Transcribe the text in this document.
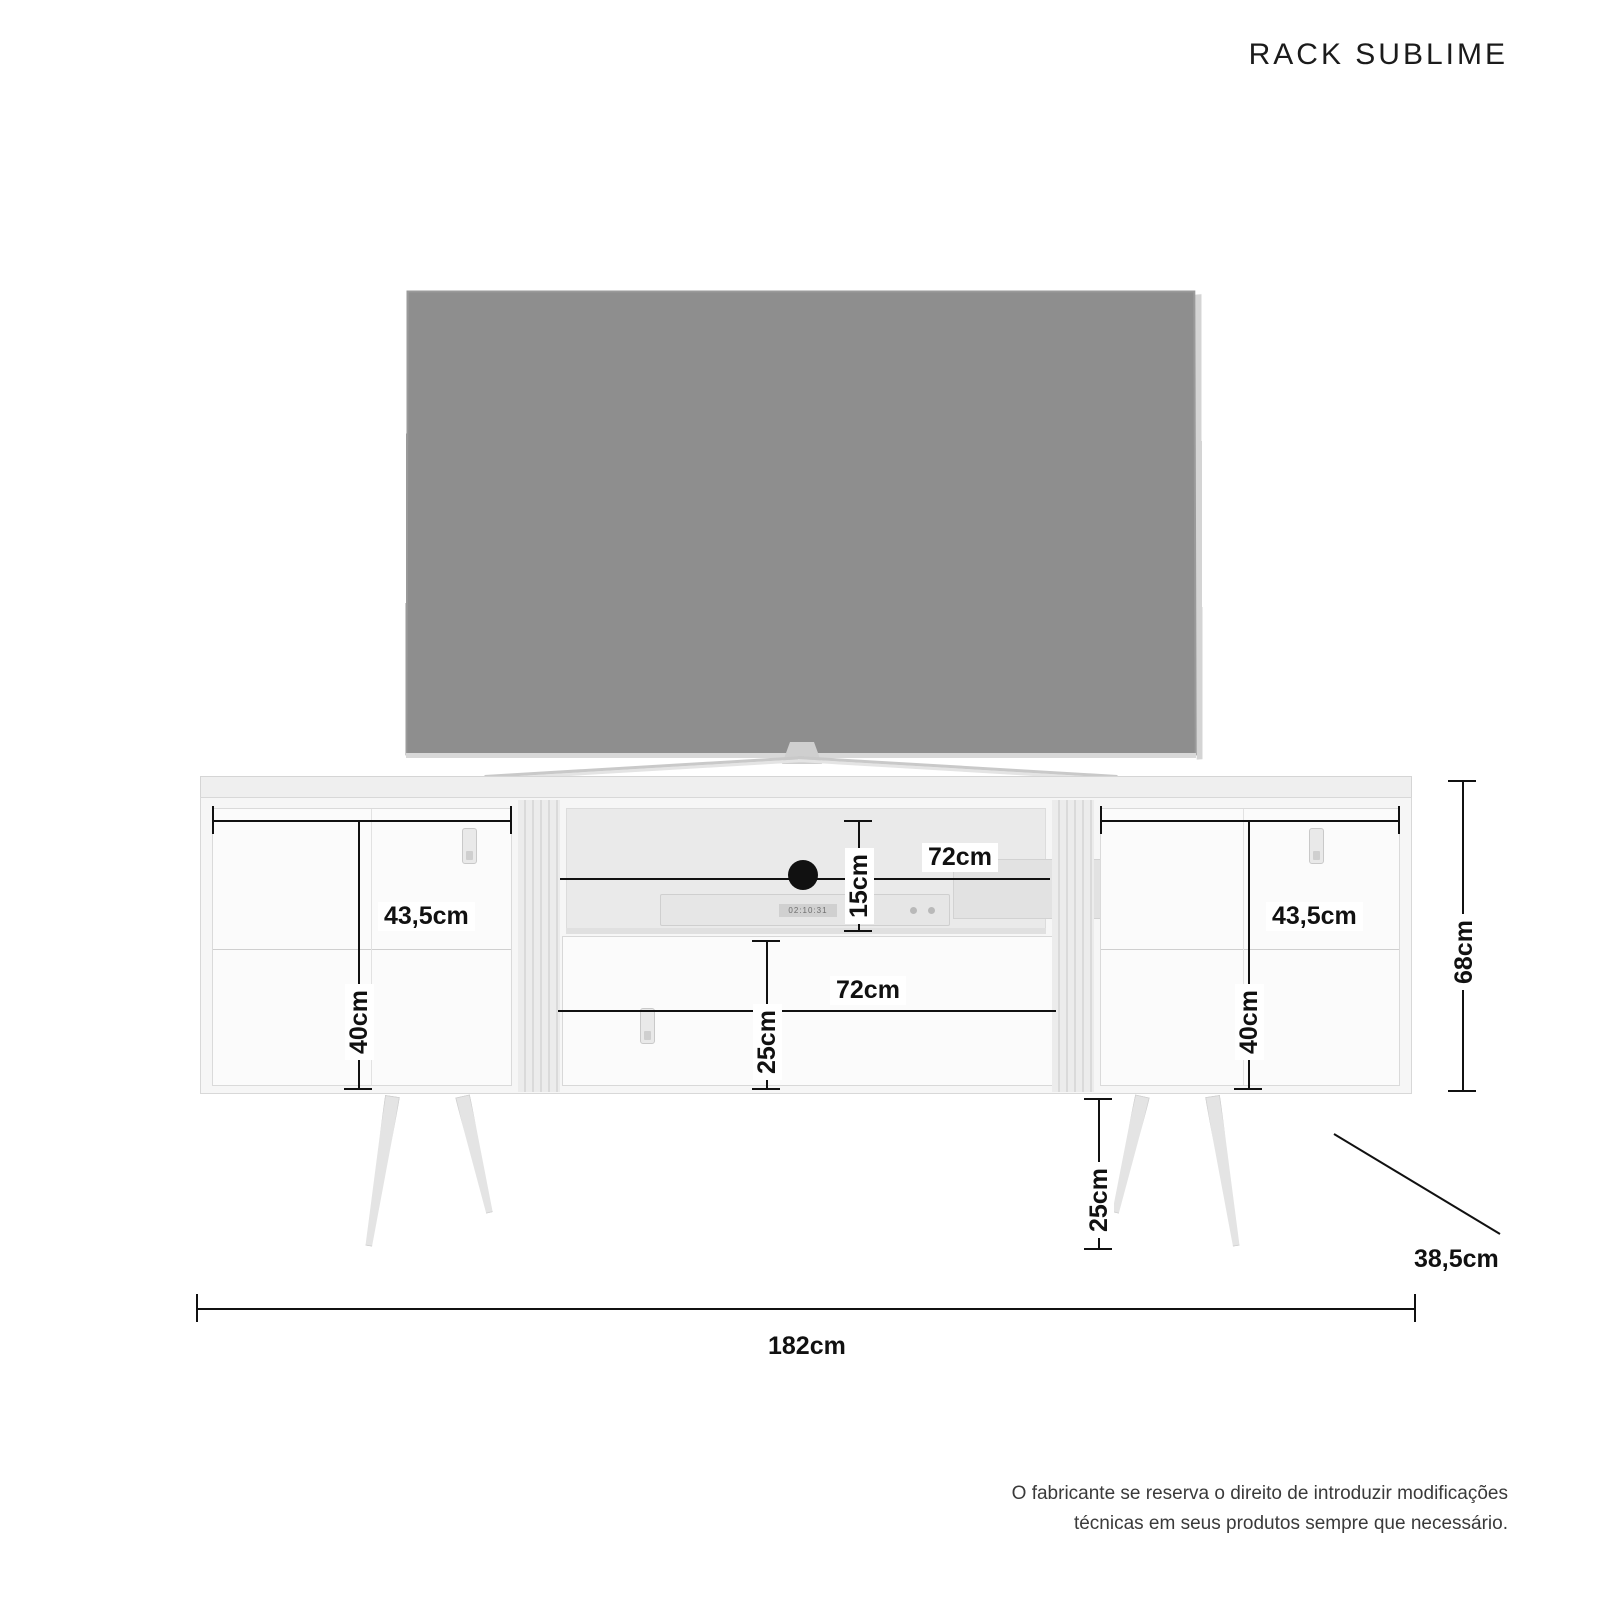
RACK SUBLIME
02:10:31
43,5cm
40cm
43,5cm
40cm
72cm
15cm
72cm
25cm
68cm
25cm
38,5cm
182cm
O fabricante se reserva o direito de introduzir modificações
técnicas em seus produtos sempre que necessário.
